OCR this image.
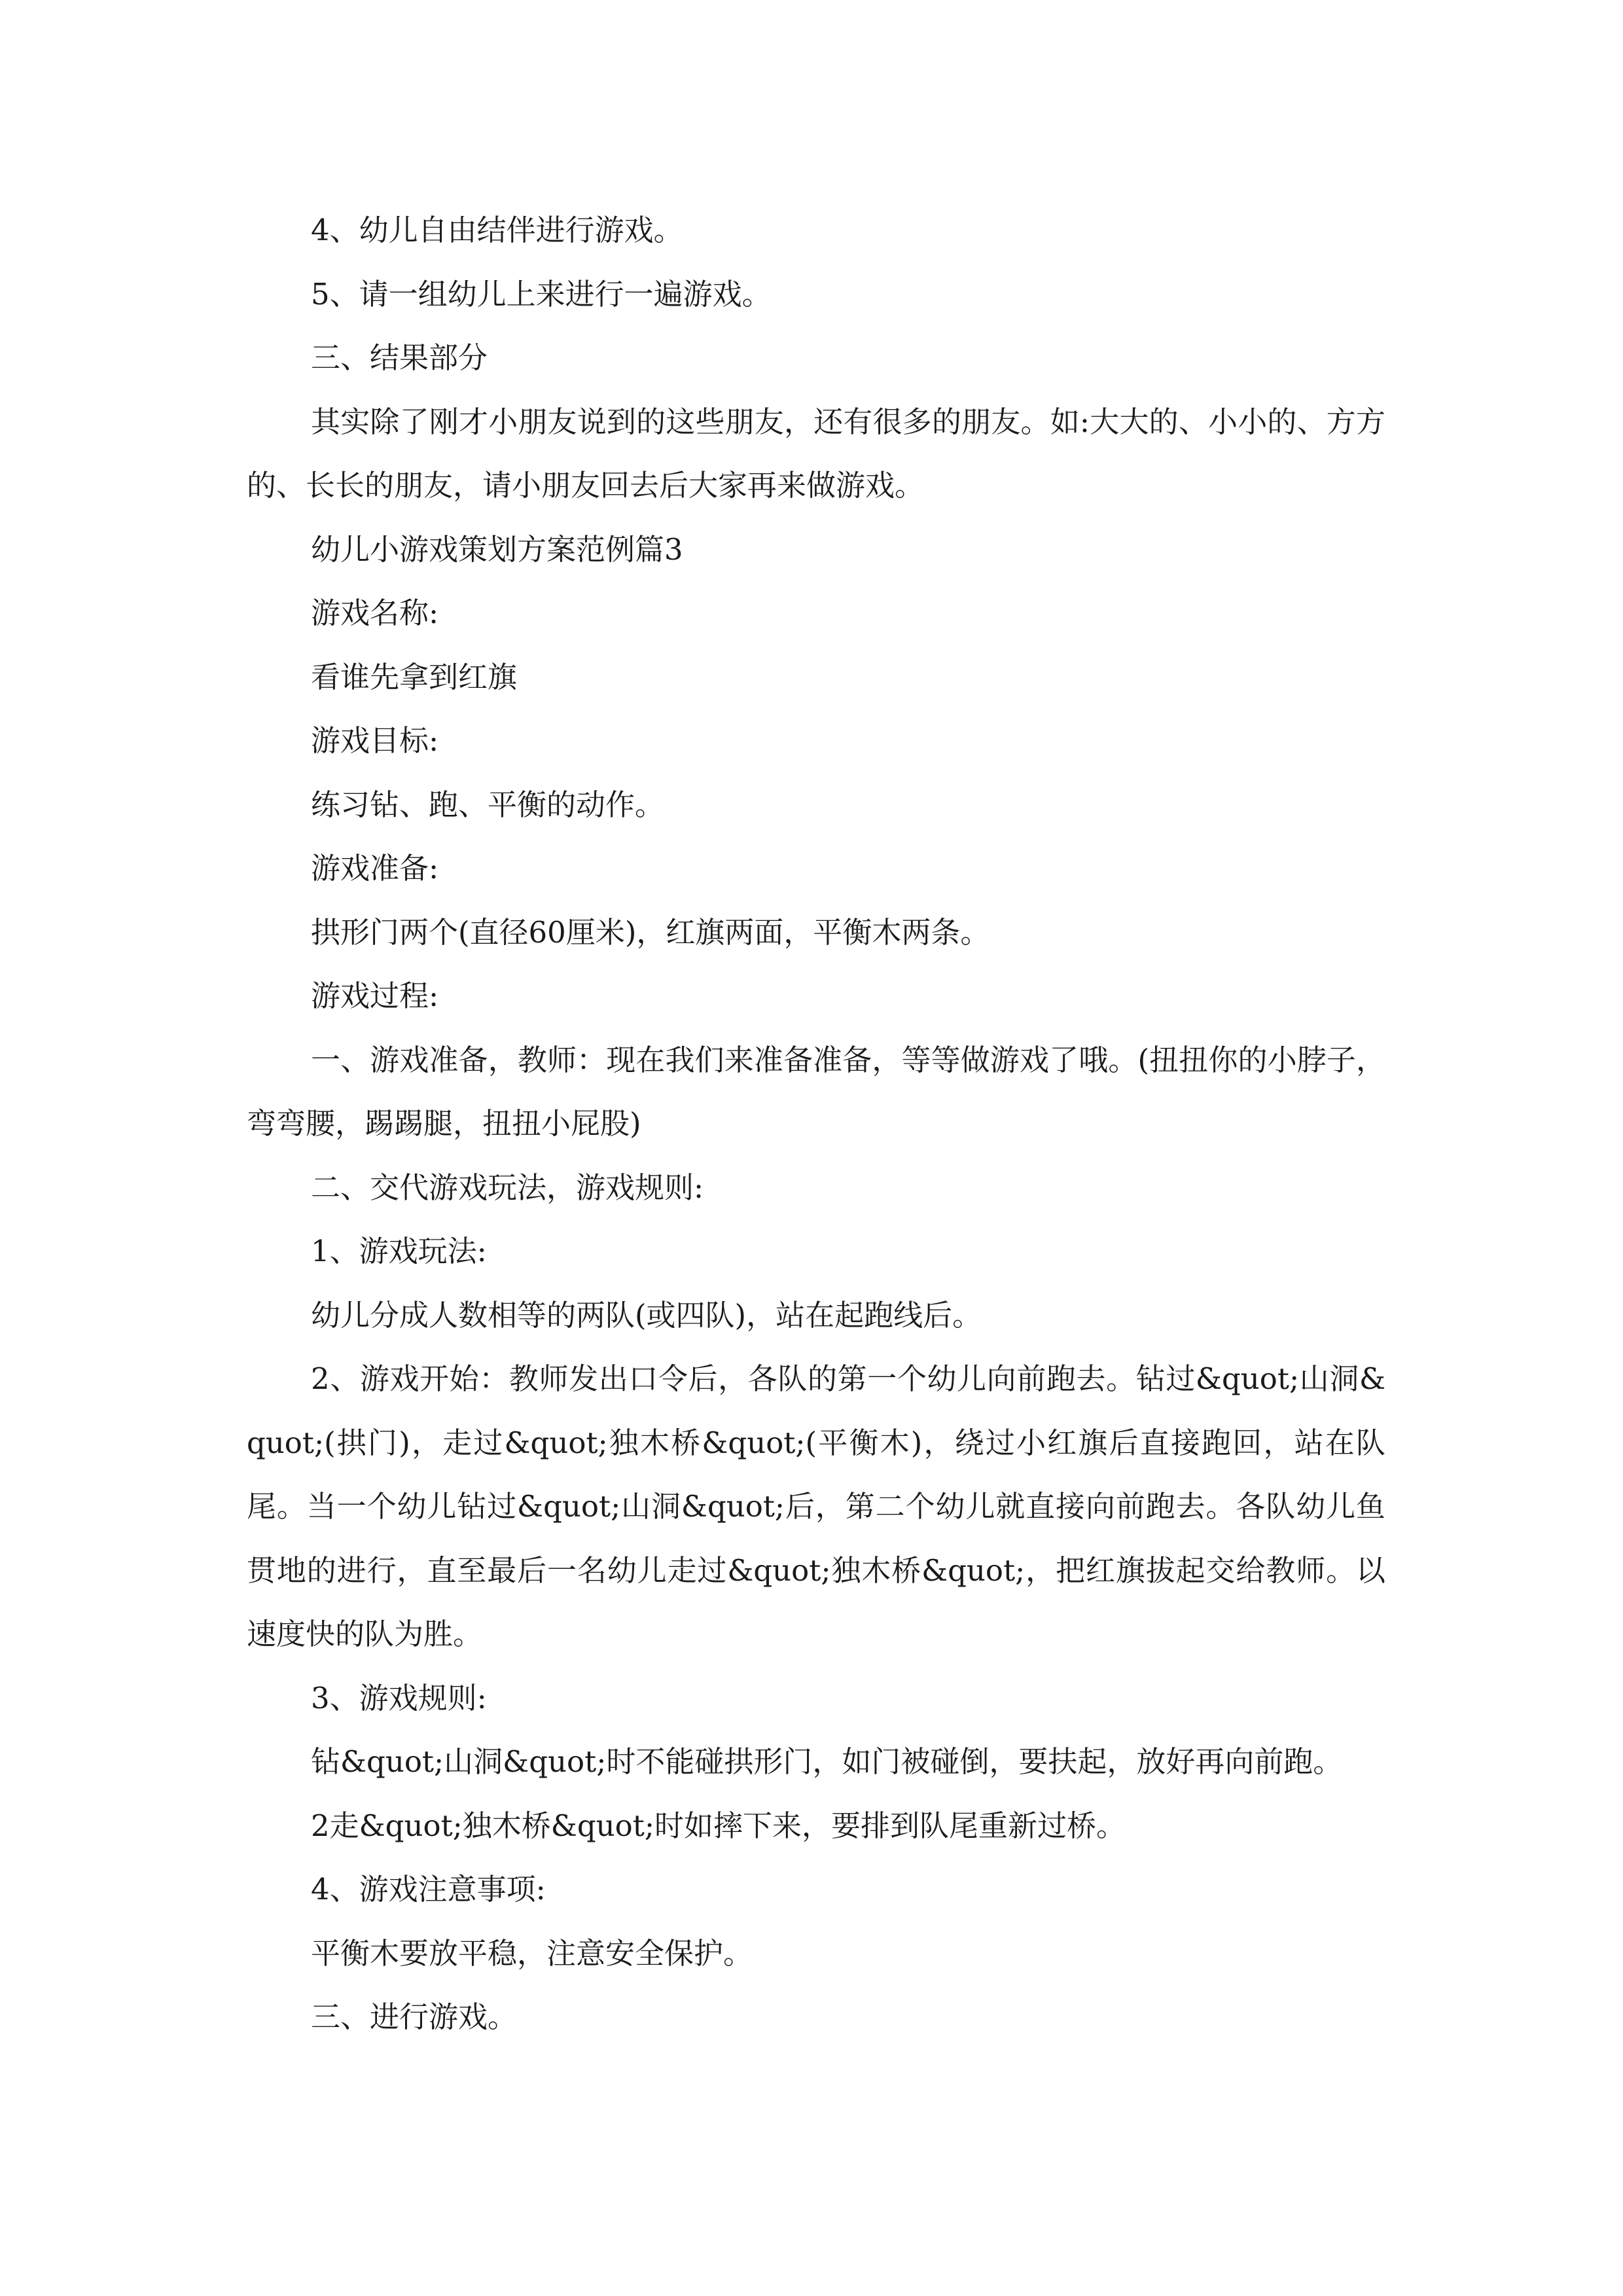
4、幼儿自由结伴进行游戏。

5、请一组幼儿上来进行一遍游戏。

三、结果部分

其实除了刚才小朋友说到的这些朋友，还有很多的朋友。如:大大的、小小的、方方的、长长的朋友，请小朋友回去后大家再来做游戏。

幼儿小游戏策划方案范例篇3

游戏名称:

看谁先拿到红旗

游戏目标:

练习钻、跑、平衡的动作。

游戏准备:

拱形门两个(直径60厘米)，红旗两面，平衡木两条。

游戏过程:

一、游戏准备，教师：现在我们来准备准备，等等做游戏了哦。(扭扭你的小脖子，弯弯腰，踢踢腿，扭扭小屁股)

二、交代游戏玩法，游戏规则:

1、游戏玩法:

幼儿分成人数相等的两队(或四队)，站在起跑线后。

2、游戏开始：教师发出口令后，各队的第一个幼儿向前跑去。钻过&quot;山洞&quot;(拱门)，走过&quot;独木桥&quot;(平衡木)，绕过小红旗后直接跑回，站在队尾。当一个幼儿钻过&quot;山洞&quot;后，第二个幼儿就直接向前跑去。各队幼儿鱼贯地的进行，直至最后一名幼儿走过&quot;独木桥&quot;，把红旗拔起交给教师。以速度快的队为胜。

3、游戏规则:

钻&quot;山洞&quot;时不能碰拱形门，如门被碰倒，要扶起，放好再向前跑。

2走&quot;独木桥&quot;时如摔下来，要排到队尾重新过桥。

4、游戏注意事项:

平衡木要放平稳，注意安全保护。

三、进行游戏。
